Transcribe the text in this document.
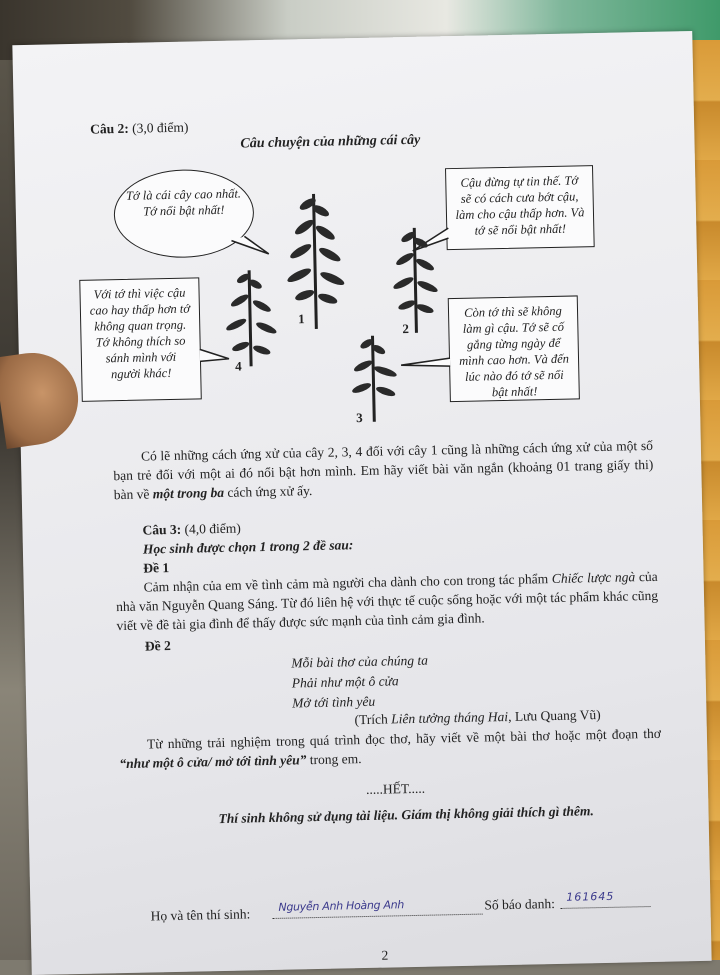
Câu 2: (3,0 điểm)
Câu chuyện của những cái cây
Tớ là cái cây cao nhất. Tớ nổi bật nhất!
Cậu đừng tự tin thế. Tớ sẽ có cách cưa bớt cậu, làm cho cậu thấp hơn. Và tớ sẽ nổi bật nhất!
Với tớ thì việc cậu cao hay thấp hơn tớ không quan trọng. Tớ không thích so sánh mình với người khác!
Còn tớ thì sẽ không làm gì cậu. Tớ sẽ cố gắng từng ngày để mình cao hơn. Và đến lúc nào đó tớ sẽ nổi bật nhất!
1
2
3
4
Có lẽ những cách ứng xử của cây 2, 3, 4 đối với cây 1 cũng là những cách ứng xử của một số bạn trẻ đối với một ai đó nổi bật hơn mình. Em hãy viết bài văn ngắn (khoảng 01 trang giấy thi) bàn về một trong ba cách ứng xử ấy.
Câu 3: (4,0 điểm)
Học sinh được chọn 1 trong 2 đề sau:
Đề 1
Cảm nhận của em về tình cảm mà người cha dành cho con trong tác phẩm Chiếc lược ngà của nhà văn Nguyễn Quang Sáng. Từ đó liên hệ với thực tế cuộc sống hoặc với một tác phẩm khác cũng viết về đề tài gia đình để thấy được sức mạnh của tình cảm gia đình.
Đề 2
Mỗi bài thơ của chúng ta
Phải như một ô cửa
Mở tới tình yêu
(Trích Liên tưởng tháng Hai, Lưu Quang Vũ)
Từ những trải nghiệm trong quá trình đọc thơ, hãy viết về một bài thơ hoặc một đoạn thơ “như một ô cửa/ mở tới tình yêu” trong em.
.....HẾT.....
Thí sinh không sử dụng tài liệu. Giám thị không giải thích gì thêm.
Họ và tên thí sinh:
Nguyễn Anh Hoàng Anh	Số báo danh: 161645
2
